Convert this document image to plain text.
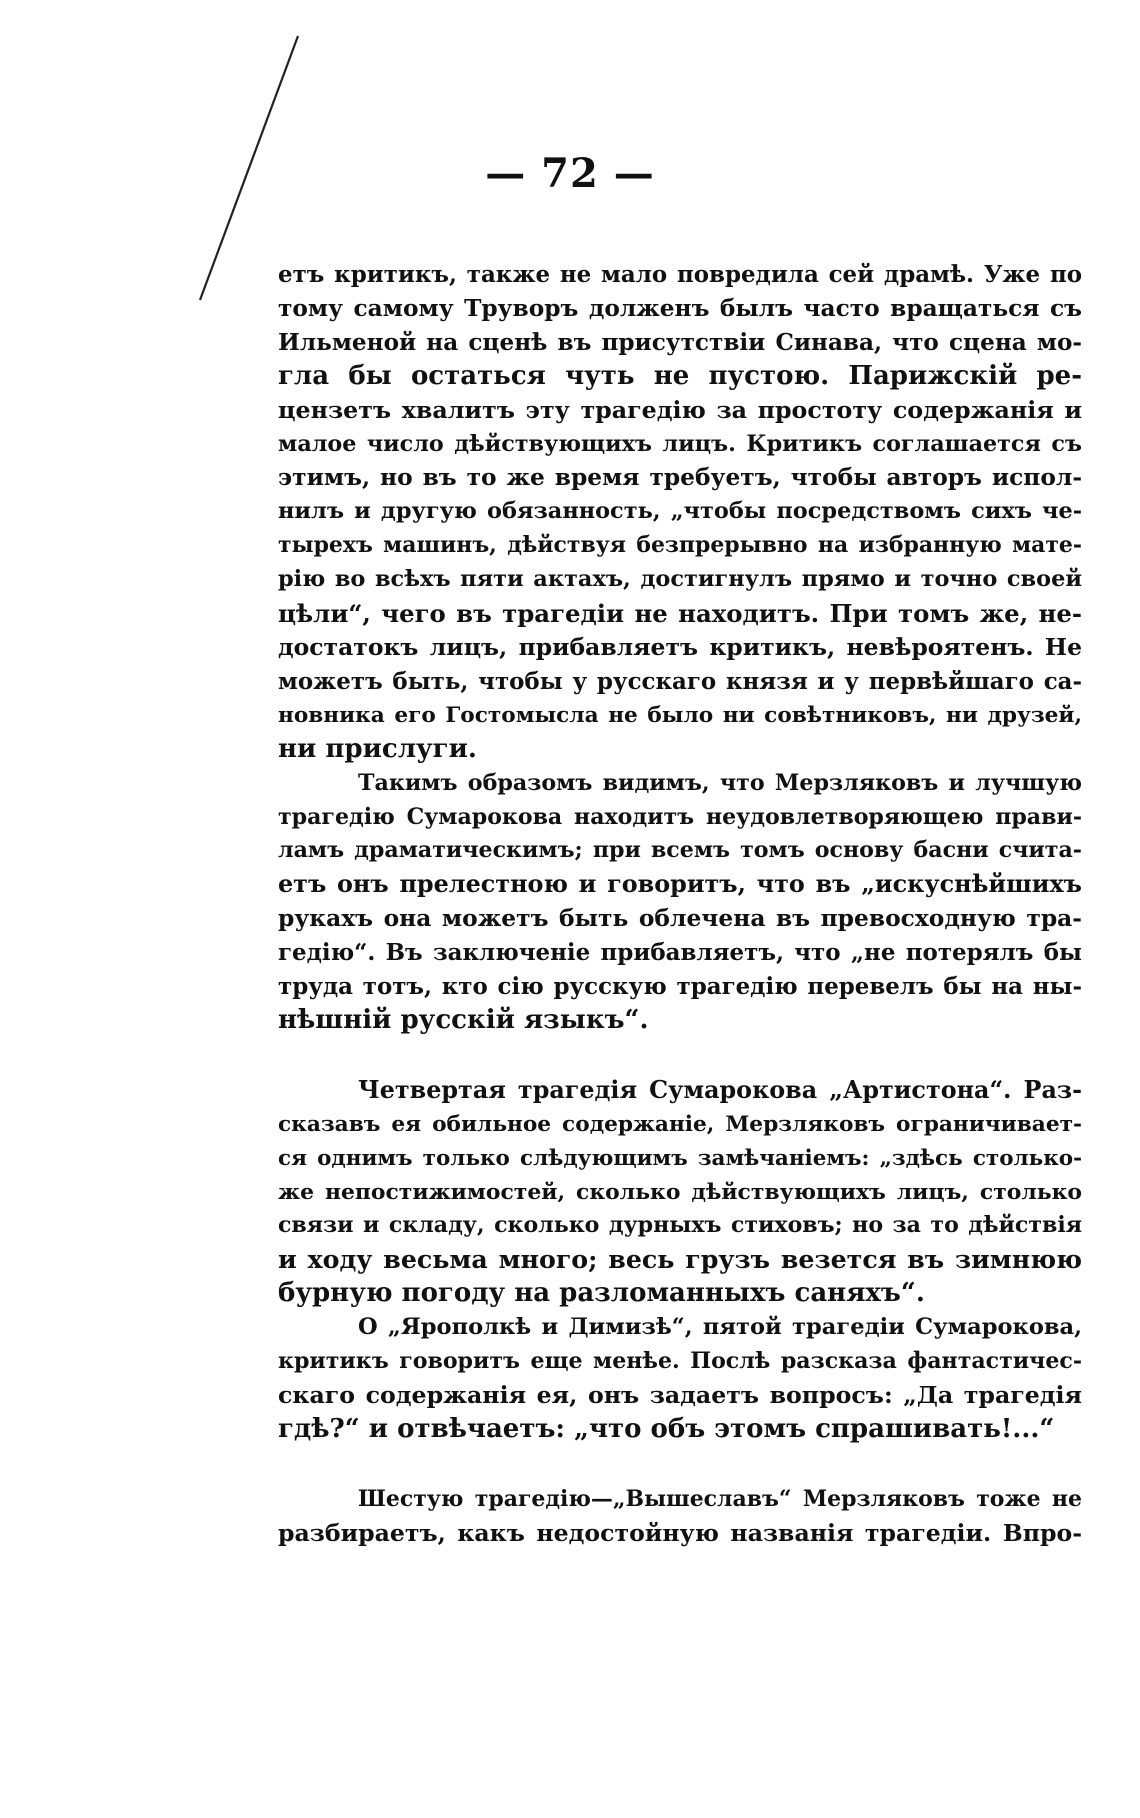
— 72 —
етъ критикъ, также не мало повредила сей драмѣ. Уже по
тому самому Труворъ долженъ былъ часто вращаться съ
Ильменой на сценѣ въ присутствіи Синава, что сцена мо-
гла бы остаться чуть не пустою. Парижскій ре-
цензетъ хвалитъ эту трагедію за простоту содержанія и
малое число дѣйствующихъ лицъ. Критикъ соглашается съ
этимъ, но въ то же время требуетъ, чтобы авторъ испол-
нилъ и другую обязанность, „чтобы посредствомъ сихъ че-
тырехъ машинъ, дѣйствуя безпрерывно на избранную мате-
рію во всѣхъ пяти актахъ, достигнулъ прямо и точно своей
цѣли“, чего въ трагедіи не находитъ. При томъ же, не-
достатокъ лицъ, прибавляетъ критикъ, невѣроятенъ. Не
можетъ быть, чтобы у русскаго князя и у первѣйшаго са-
новника его Гостомысла не было ни совѣтниковъ, ни друзей,
ни прислуги.
Такимъ образомъ видимъ, что Мерзляковъ и лучшую
трагедію Сумарокова находитъ неудовлетворяющею прави-
ламъ драматическимъ; при всемъ томъ основу басни счита-
етъ онъ прелестною и говоритъ, что въ „искуснѣйшихъ
рукахъ она можетъ быть облечена въ превосходную тра-
гедію“. Въ заключеніе прибавляетъ, что „не потерялъ бы
труда тотъ, кто сію русскую трагедію перевелъ бы на ны-
нѣшній русскій языкъ“.
Четвертая трагедія Сумарокова „Артистона“. Раз-
сказавъ ея обильное содержаніе, Мерзляковъ ограничивает-
ся однимъ только слѣдующимъ замѣчаніемъ: „здѣсь столько-
же непостижимостей, сколько дѣйствующихъ лицъ, столько
связи и складу, сколько дурныхъ стиховъ; но за то дѣйствія
и ходу весьма много; весь грузъ везется въ зимнюю
бурную погоду на разломанныхъ саняхъ“.
О „Ярополкѣ и Димизѣ“, пятой трагедіи Сумарокова,
критикъ говоритъ еще менѣе. Послѣ разсказа фантастичес-
скаго содержанія ея, онъ задаетъ вопросъ: „Да трагедія
гдѣ?“ и отвѣчаетъ: „что объ этомъ спрашивать!...“
Шестую трагедію—„Вышеславъ“ Мерзляковъ тоже не
разбираетъ, какъ недостойную названія трагедіи. Впро-
